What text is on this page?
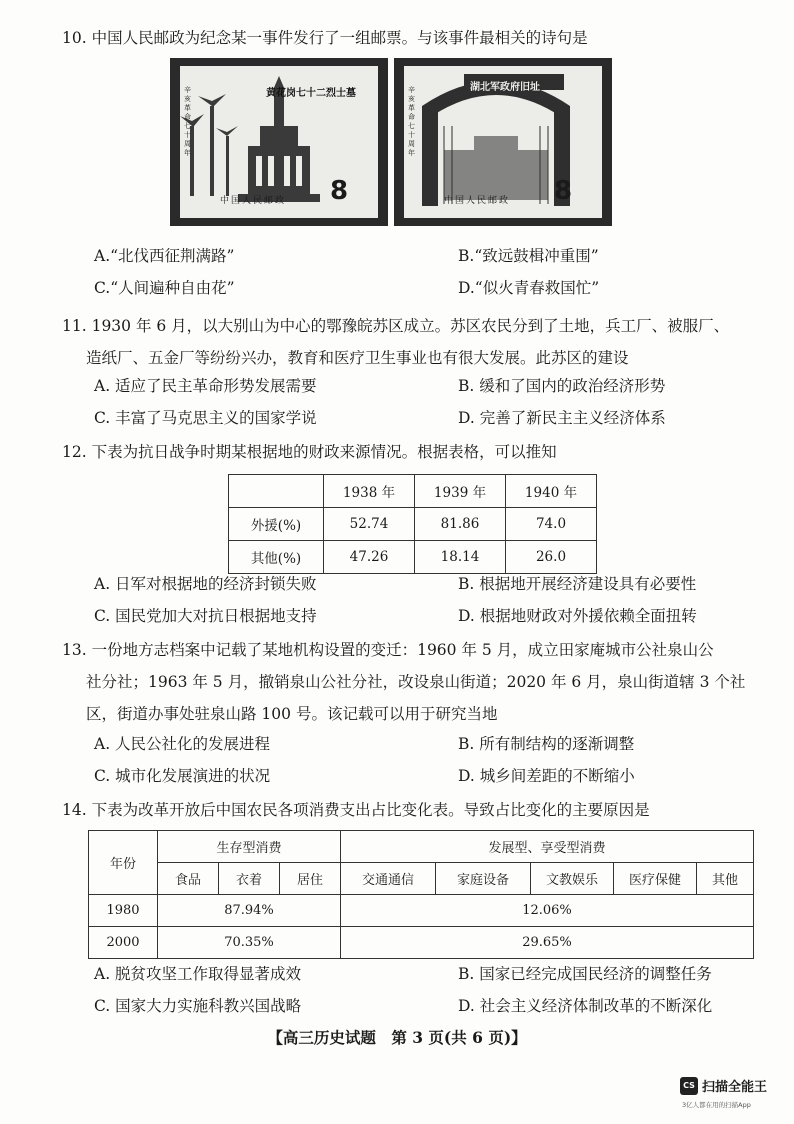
10. 中国人民邮政为纪念某一事件发行了一组邮票。与该事件最相关的诗句是
黄花岗七十二烈士墓
辛亥革命七十周年
8
中国人民邮政
湖北军政府旧址
辛亥革命七十周年
8
中国人民邮政
A.“北伐西征荆满路”	B.“致远鼓楫冲重围”
C.“人间遍种自由花”	D.“似火青春救国忙”
11. 1930 年 6 月，以大别山为中心的鄂豫皖苏区成立。苏区农民分到了土地，兵工厂、被服厂、
造纸厂、五金厂等纷纷兴办，教育和医疗卫生事业也有很大发展。此苏区的建设
A. 适应了民主革命形势发展需要	B. 缓和了国内的政治经济形势
C. 丰富了马克思主义的国家学说	D. 完善了新民主主义经济体系
12. 下表为抗日战争时期某根据地的财政来源情况。根据表格，可以推知
	1938 年	1939 年	1940 年
外援(%)	52.74	81.86	74.0
其他(%)	47.26	18.14	26.0
A. 日军对根据地的经济封锁失败	B. 根据地开展经济建设具有必要性
C. 国民党加大对抗日根据地支持	D. 根据地财政对外援依赖全面扭转
13. 一份地方志档案中记载了某地机构设置的变迁：1960 年 5 月，成立田家庵城市公社泉山公
社分社；1963 年 5 月，撤销泉山公社分社，改设泉山街道；2020 年 6 月，泉山街道辖 3 个社
区，街道办事处驻泉山路 100 号。该记载可以用于研究当地
A. 人民公社化的发展进程	B. 所有制结构的逐渐调整
C. 城市化发展演进的状况	D. 城乡间差距的不断缩小
14. 下表为改革开放后中国农民各项消费支出占比变化表。导致占比变化的主要原因是
年份	生存型消费			发展型、享受型消费				
	食品	衣着	居住	交通通信	家庭设备	文教娱乐	医疗保健	其他
1980	87.94%			12.06%				
2000	70.35%			29.65%				
A. 脱贫攻坚工作取得显著成效	B. 国家已经完成国民经济的调整任务
C. 国家大力实施科教兴国战略	D. 社会主义经济体制改革的不断深化
【高三历史试题　第 3 页(共 6 页)】
CS 扫描全能王
3亿人都在用的扫描App
